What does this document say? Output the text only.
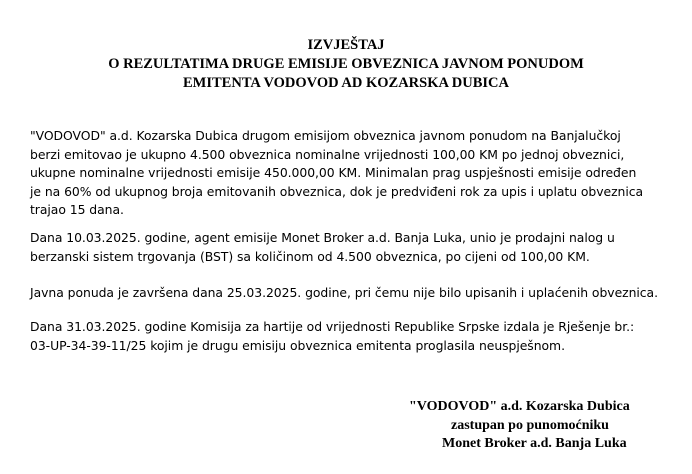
IZVJEŠTAJ
O REZULTATIMA DRUGE EMISIJE OBVEZNICA JAVNOM PONUDOM
EMITENTA VODOVOD AD KOZARSKA DUBICA
"VODOVOD" a.d. Kozarska Dubica drugom emisijom obveznica javnom ponudom na Banjalučkoj
berzi emitovao je ukupno 4.500 obveznica nominalne vrijednosti 100,00 KM po jednoj obveznici,
ukupne nominalne vrijednosti emisije 450.000,00 KM. Minimalan prag uspješnosti emisije određen
je na 60% od ukupnog broja emitovanih obveznica, dok je predviđeni rok za upis i uplatu obveznica
trajao 15 dana.
Dana 10.03.2025. godine, agent emisije Monet Broker a.d. Banja Luka, unio je prodajni nalog u
berzanski sistem trgovanja (BST) sa količinom od 4.500 obveznica, po cijeni od 100,00 KM.
Javna ponuda je završena dana 25.03.2025. godine, pri čemu nije bilo upisanih i uplaćenih obveznica.
Dana 31.03.2025. godine Komisija za hartije od vrijednosti Republike Srpske izdala je Rješenje br.:
03-UP-34-39-11/25 kojim je drugu emisiju obveznica emitenta proglasila neuspješnom.
"VODOVOD" a.d. Kozarska Dubica
zastupan po punomoćniku
Monet Broker a.d. Banja Luka
